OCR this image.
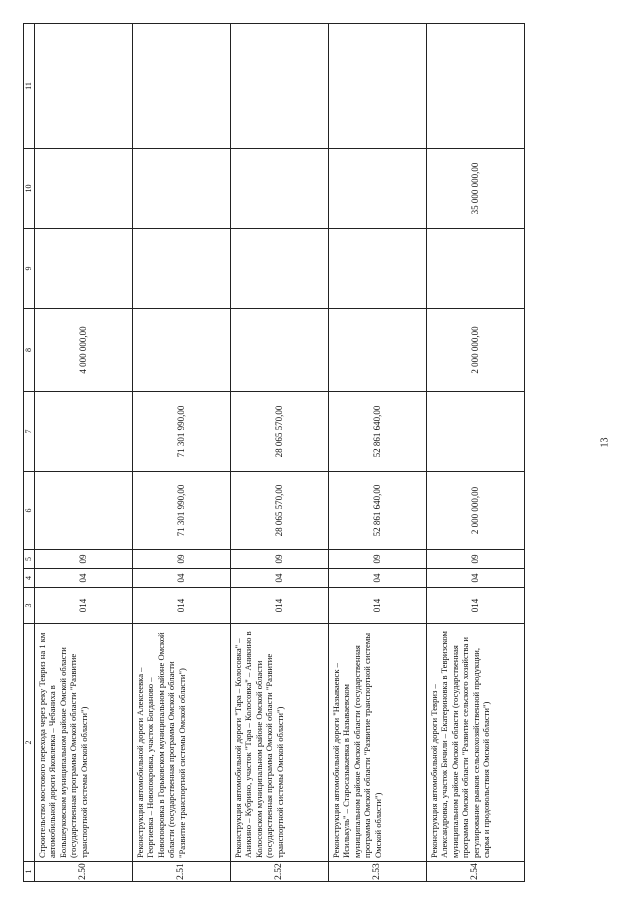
13
1	2	3	4	5	6	7	8	9	10	11
2.50	Строительство мостового перехода через реку Тевриз на 1 км автомобильной дороги Яковлевка – Чебаниха в Большеуковском муниципальном районе Омской области (государственная программа Омской области "Развитие транспортной системы Омской области")	014	04	09			4 000 000,00			
2.51	Реконструкция автомобильной дороги Алексеевка – Георгиевка – Новопокровка, участок Богданово – Новопокровка в Горьковском муниципальном районе Омской области (государственная программа Омской области "Развитие транспортной системы Омской области")	014	04	09	71 301 990,00	71 301 990,00				
2.52	Реконструкция автомобильной дороги "Тара – Колосовка" – Аникино – Кубрино, участок "Тара – Колосовка" – Аникино в Колосовском муниципальном районе Омской области (государственная программа Омской области "Развитие транспортной системы Омской области")	014	04	09	28 065 570,00	28 065 570,00				
2.53	Реконструкция автомобильной дороги "Называевск – Исилькуль" – Старосазыкаевка в Называевском муниципальном районе Омской области (государственная программа Омской области "Развитие транспортной системы Омской области")	014	04	09	52 861 640,00	52 861 640,00				
2.54	Реконструкция автомобильной дороги Тевриз – Александровка, участок Бичили – Екатериновка в Тевризском муниципальном районе Омской области (государственная программа Омской области "Развитие сельского хозяйства и регулирование рынков сельскохозяйственной продукции, сырья и продовольствия Омской области")	014	04	09	2 000 000,00		2 000 000,00		35 000 000,00	
